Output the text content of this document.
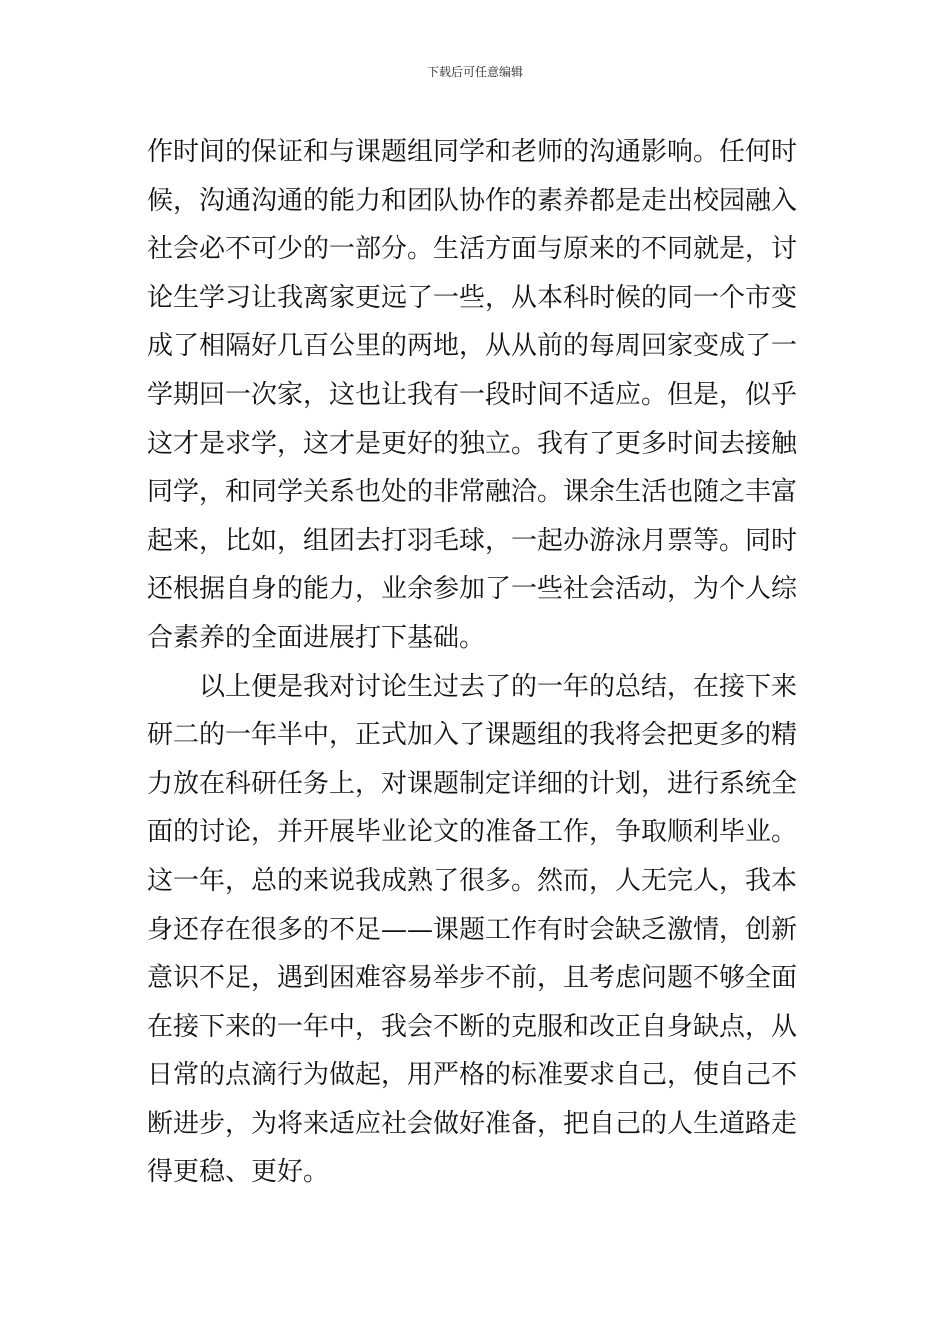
下载后可任意编辑
作时间的保证和与课题组同学和老师的沟通影响。任何时
候，沟通沟通的能力和团队协作的素养都是走出校园融入
社会必不可少的一部分。生活方面与原来的不同就是，讨
论生学习让我离家更远了一些，从本科时候的同一个市变
成了相隔好几百公里的两地，从从前的每周回家变成了一
学期回一次家，这也让我有一段时间不适应。但是，似乎
这才是求学，这才是更好的独立。我有了更多时间去接触
同学，和同学关系也处的非常融洽。课余生活也随之丰富
起来，比如，组团去打羽毛球，一起办游泳月票等。同时
还根据自身的能力，业余参加了一些社会活动，为个人综
合素养的全面进展打下基础。
以上便是我对讨论生过去了的一年的总结，在接下来
研二的一年半中，正式加入了课题组的我将会把更多的精
力放在科研任务上，对课题制定详细的计划，进行系统全
面的讨论，并开展毕业论文的准备工作，争取顺利毕业。
这一年，总的来说我成熟了很多。然而，人无完人，我本
身还存在很多的不足——课题工作有时会缺乏激情，创新
意识不足，遇到困难容易举步不前，且考虑问题不够全面
在接下来的一年中，我会不断的克服和改正自身缺点，从
日常的点滴行为做起，用严格的标准要求自己，使自己不
断进步，为将来适应社会做好准备，把自己的人生道路走
得更稳、更好。
